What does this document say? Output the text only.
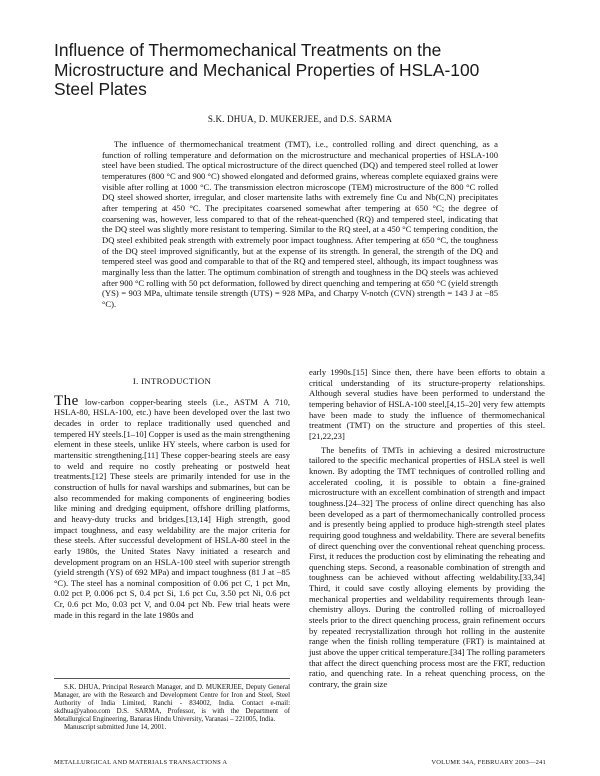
Influence of Thermomechanical Treatments on the
Microstructure and Mechanical Properties of HSLA-100
Steel Plates
S.K. DHUA, D. MUKERJEE, and D.S. SARMA

The influence of thermomechanical treatment (TMT), i.e., controlled rolling and direct quenching, as a function of rolling temperature and deformation on the microstructure and mechanical properties of HSLA-100 steel have been studied. The optical microstructure of the direct quenched (DQ) and tempered steel rolled at lower temperatures (800 °C and 900 °C) showed elongated and deformed grains, whereas complete equiaxed grains were visible after rolling at 1000 °C. The transmission electron microscope (TEM) microstructure of the 800 °C rolled DQ steel showed shorter, irregular, and closer martensite laths with extremely fine Cu and Nb(C,N) precipitates after tempering at 450 °C. The precipitates coarsened somewhat after tempering at 650 °C; the degree of coarsening was, however, less compared to that of the reheat-quenched (RQ) and tempered steel, indicating that the DQ steel was slightly more resistant to tempering. Similar to the RQ steel, at a 450 °C tempering condition, the DQ steel exhibited peak strength with extremely poor impact toughness. After tempering at 650 °C, the toughness of the DQ steel improved significantly, but at the expense of its strength. In general, the strength of the DQ and tempered steel was good and comparable to that of the RQ and tempered steel, although, its impact toughness was marginally less than the latter. The optimum combination of strength and toughness in the DQ steels was achieved after 900 °C rolling with 50 pct deformation, followed by direct quenching and tempering at 650 °C (yield strength (YS) = 903 MPa, ultimate tensile strength (UTS) = 928 MPa, and Charpy V-notch (CVN) strength = 143 J at −85 °C).

I. INTRODUCTION

The low-carbon copper-bearing steels (i.e., ASTM A 710, HSLA-80, HSLA-100, etc.) have been developed over the last two decades in order to replace traditionally used quenched and tempered HY steels.[1–10] Copper is used as the main strengthening element in these steels, unlike HY steels, where carbon is used for martensitic strengthening.[11] These copper-bearing steels are easy to weld and require no costly preheating or postweld heat treatments.[12] These steels are primarily intended for use in the construction of hulls for naval warships and submarines, but can be also recommended for making components of engineering bodies like mining and dredging equipment, offshore drilling platforms, and heavy-duty trucks and bridges.[13,14] High strength, good impact toughness, and easy weldability are the major criteria for these steels. After successful development of HSLA-80 steel in the early 1980s, the United States Navy initiated a research and development program on an HSLA-100 steel with superior strength (yield strength (YS) of 692 MPa) and impact toughness (81 J at −85 °C). The steel has a nominal composition of 0.06 pct C, 1 pct Mn, 0.02 pct P, 0.006 pct S, 0.4 pct Si, 1.6 pct Cu, 3.50 pct Ni, 0.6 pct Cr, 0.6 pct Mo, 0.03 pct V, and 0.04 pct Nb. Few trial heats were made in this regard in the late 1980s and

early 1990s.[15] Since then, there have been efforts to obtain a critical understanding of its structure-property relationships. Although several studies have been performed to understand the tempering behavior of HSLA-100 steel,[4,15–20] very few attempts have been made to study the influence of thermomechanical treatment (TMT) on the structure and properties of this steel.[21,22,23]

The benefits of TMTs in achieving a desired microstructure tailored to the specific mechanical properties of HSLA steel is well known. By adopting the TMT techniques of controlled rolling and accelerated cooling, it is possible to obtain a fine-grained microstructure with an excellent combination of strength and impact toughness.[24–32] The process of online direct quenching has also been developed as a part of thermomechanically controlled process and is presently being applied to produce high-strength steel plates requiring good toughness and weldability. There are several benefits of direct quenching over the conventional reheat quenching process. First, it reduces the production cost by eliminating the reheating and quenching steps. Second, a reasonable combination of strength and toughness can be achieved without affecting weldability.[33,34] Third, it could save costly alloying elements by providing the mechanical properties and weldability requirements through lean-chemistry alloys. During the controlled rolling of microalloyed steels prior to the direct quenching process, grain refinement occurs by repeated recrystallization through hot rolling in the austenite range when the finish rolling temperature (FRT) is maintained at just above the upper critical temperature.[34] The rolling parameters that affect the direct quenching process most are the FRT, reduction ratio, and quenching rate. In a reheat quenching process, on the contrary, the grain size

S.K. DHUA, Principal Research Manager, and D. MUKERJEE, Deputy General Manager, are with the Research and Development Centre for Iron and Steel, Steel Authority of India Limited, Ranchi - 834002, India. Contact e-mail: skdhua@yahoo.com D.S. SARMA, Professor, is with the Department of Metallurgical Engineering, Banaras Hindu University, Varanasi – 221005, India.

Manuscript submitted June 14, 2001.

METALLURGICAL AND MATERIALS TRANSACTIONS A	VOLUME 34A, FEBRUARY 2003—241
